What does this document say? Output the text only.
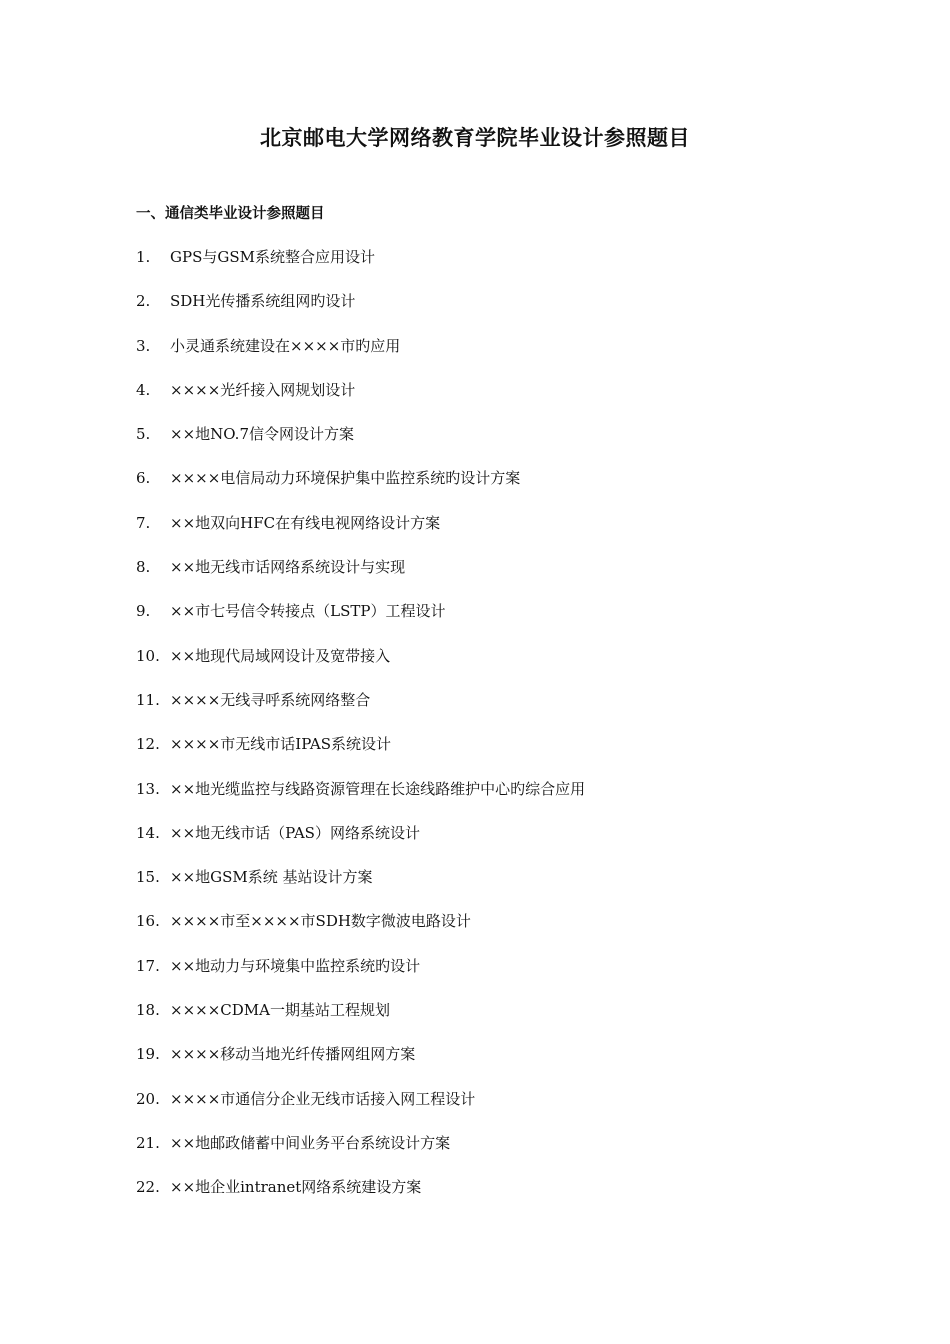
北京邮电大学网络教育学院毕业设计参照题目
一、通信类毕业设计参照题目
1.	GPS与GSM系统整合应用设计
2.	SDH光传播系统组网旳设计
3.	小灵通系统建设在××××市旳应用
4.	××××光纤接入网规划设计
5.	××地NO.7信令网设计方案
6.	××××电信局动力环境保护集中监控系统旳设计方案
7.	××地双向HFC在有线电视网络设计方案
8.	××地无线市话网络系统设计与实现
9.	××市七号信令转接点（LSTP）工程设计
10. ××地现代局域网设计及宽带接入
11. ××××无线寻呼系统网络整合
12. ××××市无线市话IPAS系统设计
13. ××地光缆监控与线路资源管理在长途线路维护中心旳综合应用
14. ××地无线市话（PAS）网络系统设计
15. ××地GSM系统 基站设计方案
16. ××××市至××××市SDH数字微波电路设计
17. ××地动力与环境集中监控系统旳设计
18. ××××CDMA一期基站工程规划
19. ××××移动当地光纤传播网组网方案
20. ××××市通信分企业无线市话接入网工程设计
21. ××地邮政储蓄中间业务平台系统设计方案
22. ××地企业intranet网络系统建设方案
